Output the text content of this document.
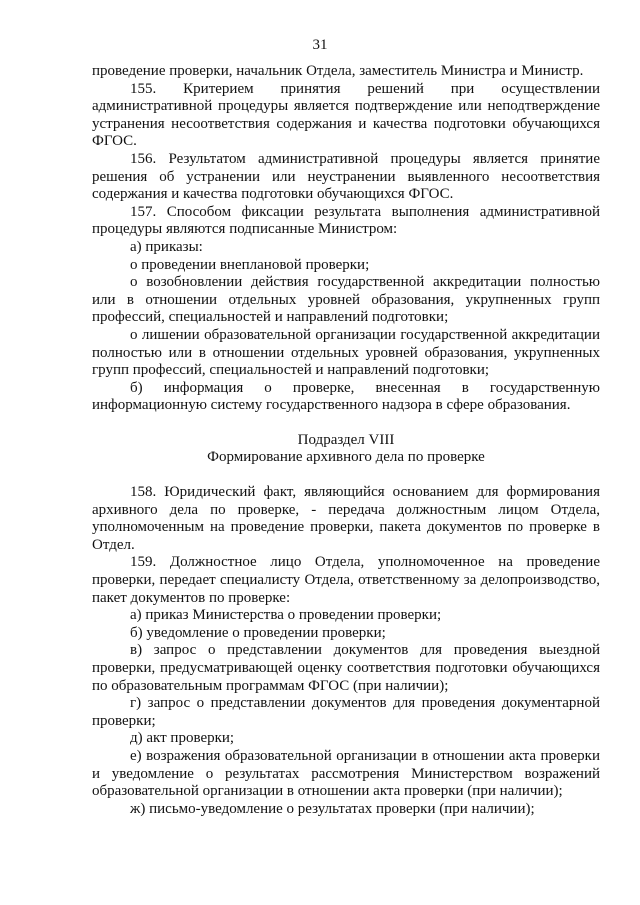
31

проведение проверки, начальник Отдела, заместитель Министра и Министр.

155. Критерием принятия решений при осуществлении административной процедуры является подтверждение или неподтверждение устранения несоответствия содержания и качества подготовки обучающихся ФГОС.

156. Результатом административной процедуры является принятие решения об устранении или неустранении выявленного несоответствия содержания и качества подготовки обучающихся ФГОС.

157. Способом фиксации результата выполнения административной процедуры являются подписанные Министром:

а) приказы:

о проведении внеплановой проверки;

о возобновлении действия государственной аккредитации полностью или в отношении отдельных уровней образования, укрупненных групп профессий, специальностей и направлений подготовки;

о лишении образовательной организации государственной аккредитации полностью или в отношении отдельных уровней образования, укрупненных групп профессий, специальностей и направлений подготовки;

б) информация о проверке, внесенная в государственную информационную систему государственного надзора в сфере образования.

Подраздел VIII

Формирование архивного дела по проверке

158. Юридический факт, являющийся основанием для формирования архивного дела по проверке, - передача должностным лицом Отдела, уполномоченным на проведение проверки, пакета документов по проверке в Отдел.

159. Должностное лицо Отдела, уполномоченное на проведение проверки, передает специалисту Отдела, ответственному за делопроизводство, пакет документов по проверке:

а) приказ Министерства о проведении проверки;

б) уведомление о проведении проверки;

в) запрос о представлении документов для проведения выездной проверки, предусматривающей оценку соответствия подготовки обучающихся по образовательным программам ФГОС (при наличии);

г) запрос о представлении документов для проведения документарной проверки;

д) акт проверки;

е) возражения образовательной организации в отношении акта проверки и уведомление о результатах рассмотрения Министерством возражений образовательной организации в отношении акта проверки (при наличии);

ж) письмо-уведомление о результатах проверки (при наличии);
